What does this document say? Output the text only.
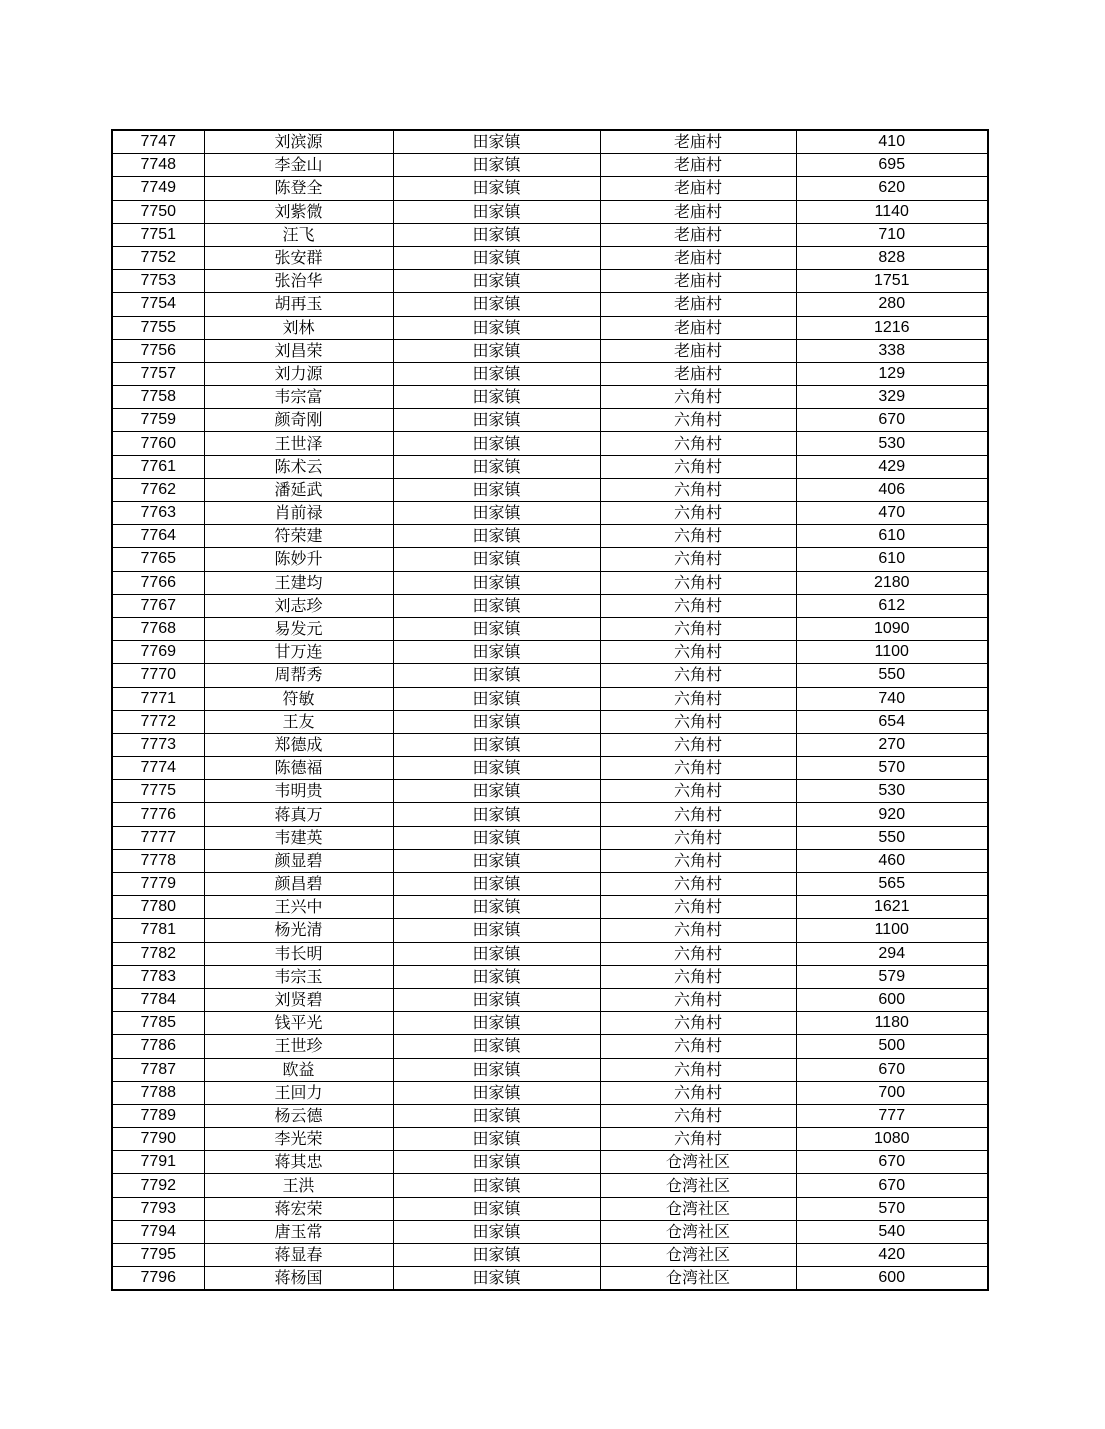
7747	刘滨源	田家镇	老庙村	410
7748	李金山	田家镇	老庙村	695
7749	陈登全	田家镇	老庙村	620
7750	刘紫微	田家镇	老庙村	1140
7751	汪飞	田家镇	老庙村	710
7752	张安群	田家镇	老庙村	828
7753	张治华	田家镇	老庙村	1751
7754	胡再玉	田家镇	老庙村	280
7755	刘林	田家镇	老庙村	1216
7756	刘昌荣	田家镇	老庙村	338
7757	刘力源	田家镇	老庙村	129
7758	韦宗富	田家镇	六角村	329
7759	颜奇刚	田家镇	六角村	670
7760	王世泽	田家镇	六角村	530
7761	陈术云	田家镇	六角村	429
7762	潘延武	田家镇	六角村	406
7763	肖前禄	田家镇	六角村	470
7764	符荣建	田家镇	六角村	610
7765	陈妙升	田家镇	六角村	610
7766	王建均	田家镇	六角村	2180
7767	刘志珍	田家镇	六角村	612
7768	易发元	田家镇	六角村	1090
7769	甘万连	田家镇	六角村	1100
7770	周帮秀	田家镇	六角村	550
7771	符敏	田家镇	六角村	740
7772	王友	田家镇	六角村	654
7773	郑德成	田家镇	六角村	270
7774	陈德福	田家镇	六角村	570
7775	韦明贵	田家镇	六角村	530
7776	蒋真万	田家镇	六角村	920
7777	韦建英	田家镇	六角村	550
7778	颜显碧	田家镇	六角村	460
7779	颜昌碧	田家镇	六角村	565
7780	王兴中	田家镇	六角村	1621
7781	杨光清	田家镇	六角村	1100
7782	韦长明	田家镇	六角村	294
7783	韦宗玉	田家镇	六角村	579
7784	刘贤碧	田家镇	六角村	600
7785	钱平光	田家镇	六角村	1180
7786	王世珍	田家镇	六角村	500
7787	欧益	田家镇	六角村	670
7788	王回力	田家镇	六角村	700
7789	杨云德	田家镇	六角村	777
7790	李光荣	田家镇	六角村	1080
7791	蒋其忠	田家镇	仓湾社区	670
7792	王洪	田家镇	仓湾社区	670
7793	蒋宏荣	田家镇	仓湾社区	570
7794	唐玉常	田家镇	仓湾社区	540
7795	蒋显春	田家镇	仓湾社区	420
7796	蒋杨国	田家镇	仓湾社区	600
